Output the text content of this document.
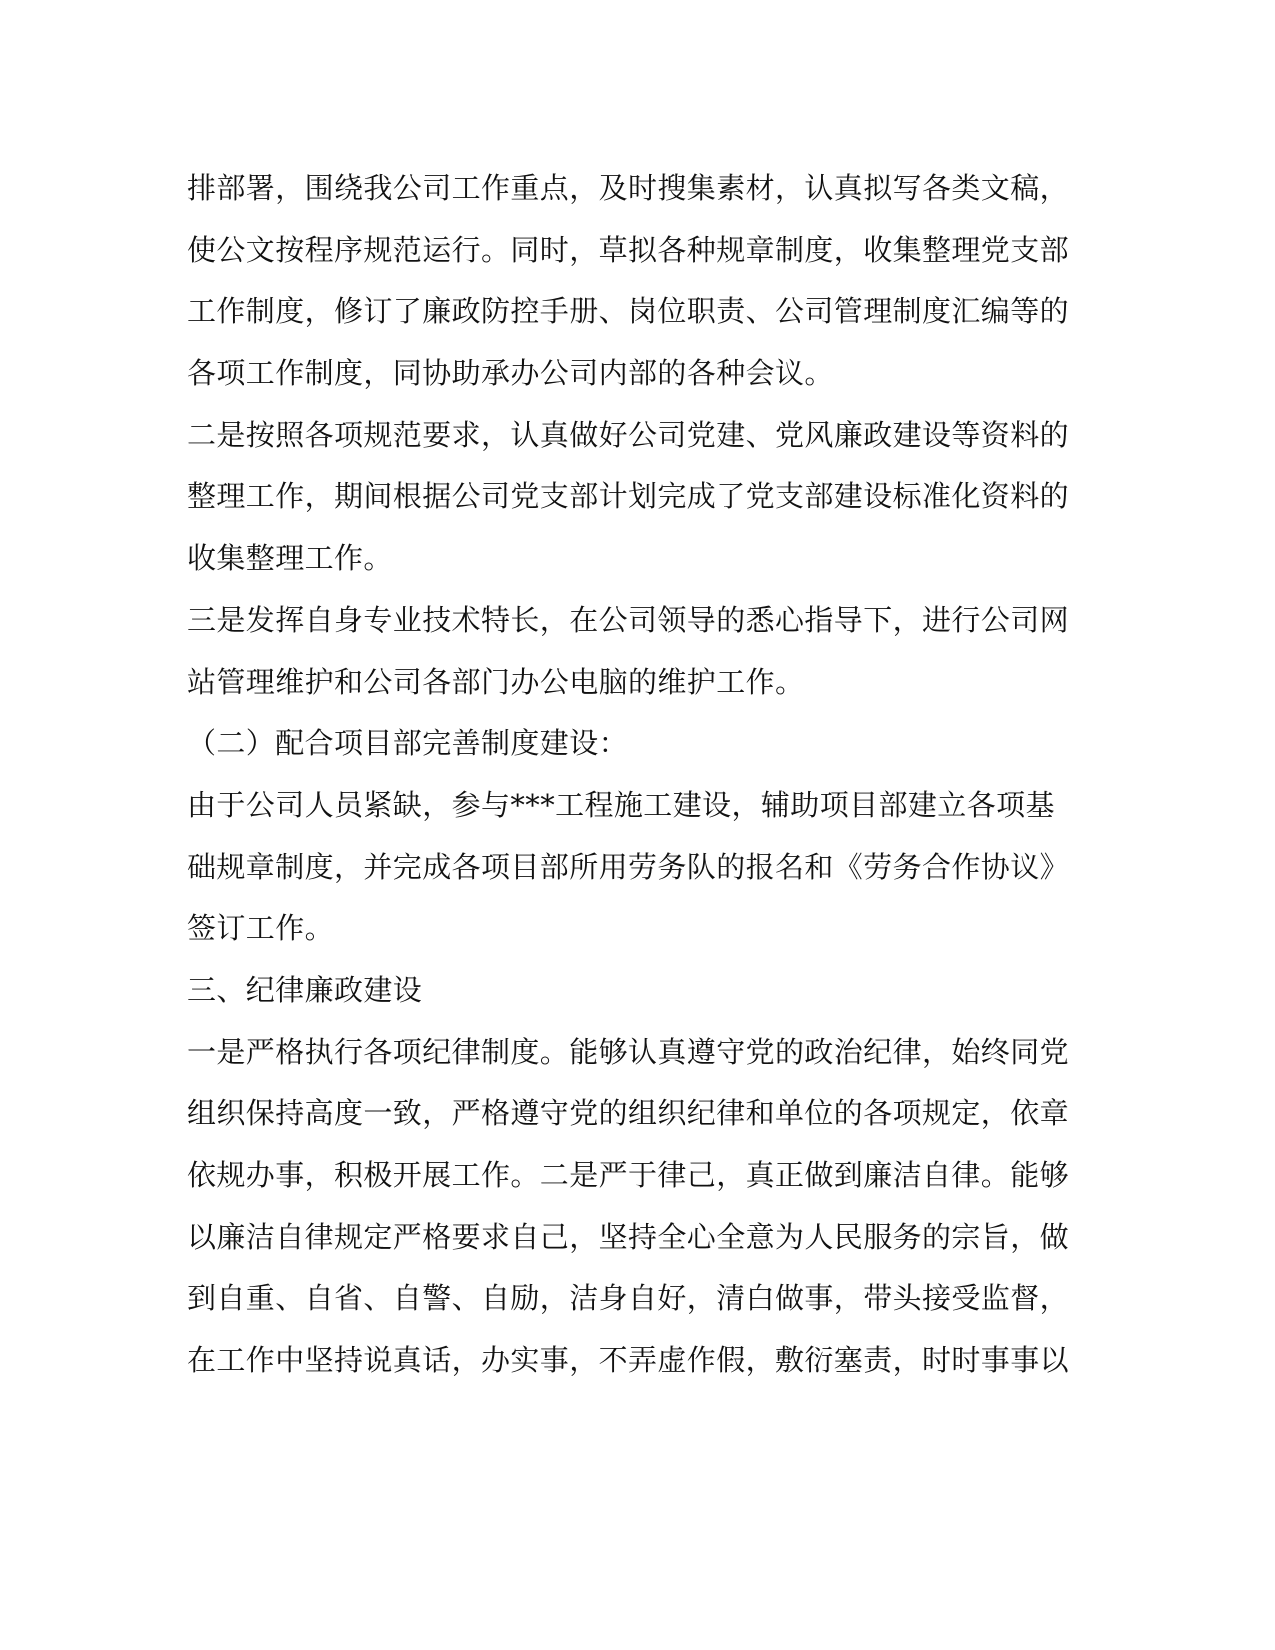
排部署，围绕我公司工作重点，及时搜集素材，认真拟写各类文稿，
使公文按程序规范运行。同时，草拟各种规章制度，收集整理党支部
工作制度，修订了廉政防控手册、岗位职责、公司管理制度汇编等的
各项工作制度，同协助承办公司内部的各种会议。
二是按照各项规范要求，认真做好公司党建、党风廉政建设等资料的
整理工作，期间根据公司党支部计划完成了党支部建设标准化资料的
收集整理工作。
三是发挥自身专业技术特长，在公司领导的悉心指导下，进行公司网
站管理维护和公司各部门办公电脑的维护工作。
（二）配合项目部完善制度建设：
由于公司人员紧缺，参与***工程施工建设，辅助项目部建立各项基
础规章制度，并完成各项目部所用劳务队的报名和《劳务合作协议》
签订工作。
三、纪律廉政建设
一是严格执行各项纪律制度。能够认真遵守党的政治纪律，始终同党
组织保持高度一致，严格遵守党的组织纪律和单位的各项规定，依章
依规办事，积极开展工作。二是严于律己，真正做到廉洁自律。能够
以廉洁自律规定严格要求自己，坚持全心全意为人民服务的宗旨，做
到自重、自省、自警、自励，洁身自好，清白做事，带头接受监督，
在工作中坚持说真话，办实事，不弄虚作假，敷衍塞责，时时事事以
